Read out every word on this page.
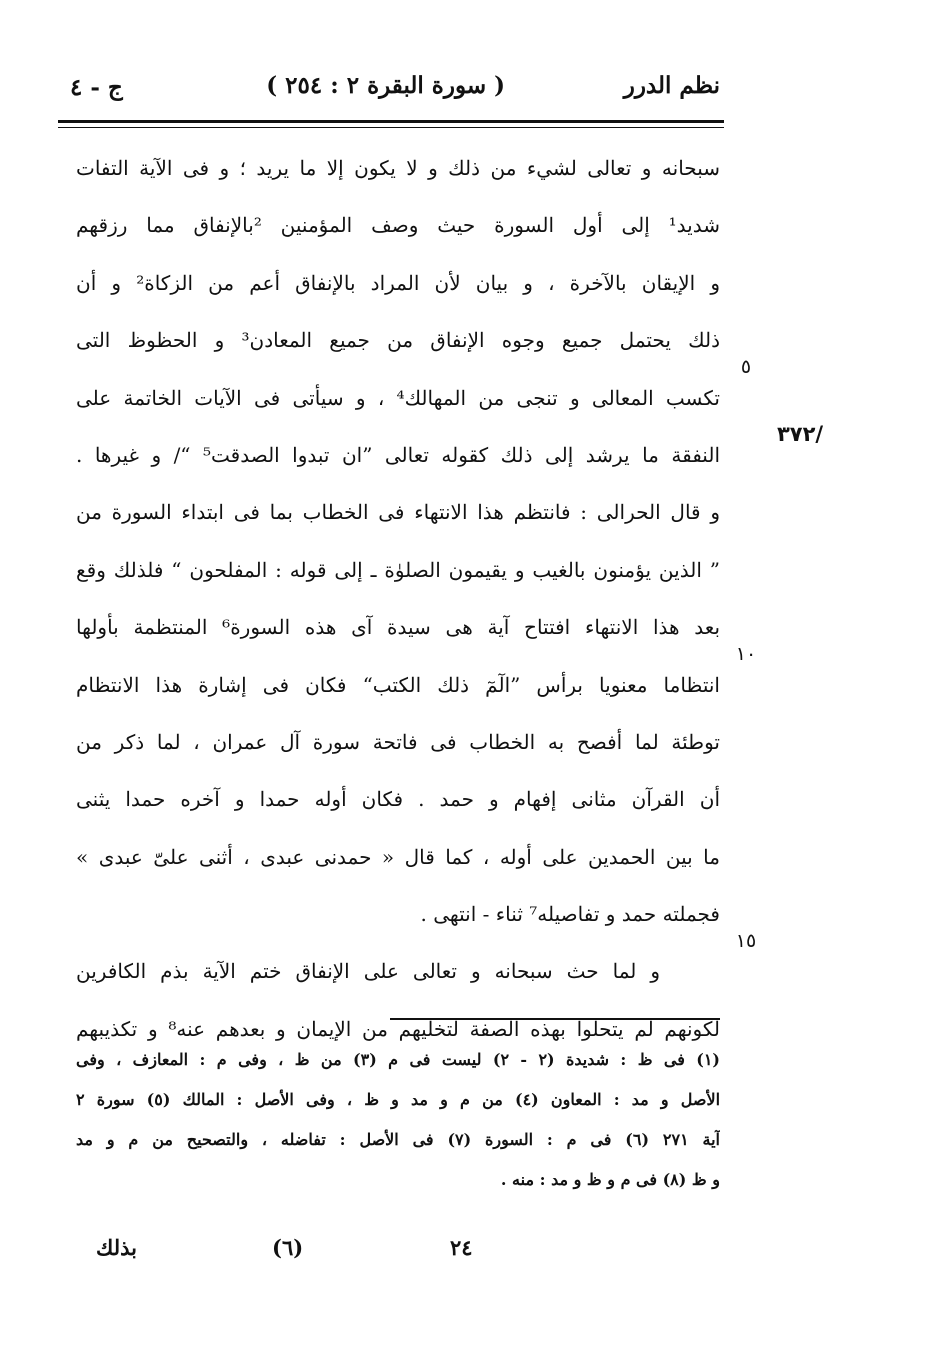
نظم الدرر
( سورة البقرة ٢ : ٢٥٤ )
ج - ٤
/٣٧٢
٥
١٠
١٥
سبحانه و تعالى لشيء من ذلك و لا يكون إلا ما يريد ؛ و فى الآية التفات
شديد¹ إلى أول السورة حيث وصف المؤمنين ²بالإنفاق مما رزقهم
و الإيقان بالآخرة ، و بيان لأن المراد بالإنفاق أعم من الزكاة² و أن
ذلك يحتمل جميع وجوه الإنفاق من جميع المعادن³ و الحظوظ التى
تكسب المعالى و تنجى من المهالك⁴ ، و سيأتى فى الآيات الخاتمة على
النفقة ما يرشد إلى ذلك كقوله تعالى ”ان تبدوا الصدقت⁵ “/ و غيرها .
و قال الحرالى : فانتظم هذا الانتهاء فى الخطاب بما فى ابتداء السورة من
” الذين يؤمنون بالغيب و يقيمون الصلوٰة ـ إلى قوله : المفلحون “ فلذلك وقع
بعد هذا الانتهاء افتتاح آية هى سيدة آى هذه السورة⁶ المنتظمة بأولها
انتظاما معنويا برأس ”الٓمٓ ذلك الكتب“ فكان فى إشارة هذا الانتظام
توطئة لما أفصح به الخطاب فى فاتحة سورة آل عمران ، لما ذكر من
أن القرآن مثانى إفهام و حمد . فكان أوله حمدا و آخره حمدا يثنى
ما بين الحمدين على أوله ، كما قال « حمدنى عبدى ، أثنى علىّ عبدى »
فجملته حمد و تفاصيله⁷ ثناء - انتهى .
و لما حث سبحانه و تعالى على الإنفاق ختم الآية بذم الكافرين
لكونهم لم يتحلوا بهذه الصفة لتخليهم من الإيمان و بعدهم عنه⁸ و تكذيبهم
(١) فى ظ : شديدة (٢ - ٢) ليست فى م (٣) من ظ ، وفى م : المعازف ، وفى
الأصل و مد : المعاون (٤) من م و مد و ظ ، وفى الأصل : المالك (٥) سورة ٢
آية ٢٧١ (٦) فى م : السورة (٧) فى الأصل : تفاضله ، والتصحيح من م و مد
و ظ (٨) فى م و ظ و مد : منه .
بذلك	(٦)	٢٤
